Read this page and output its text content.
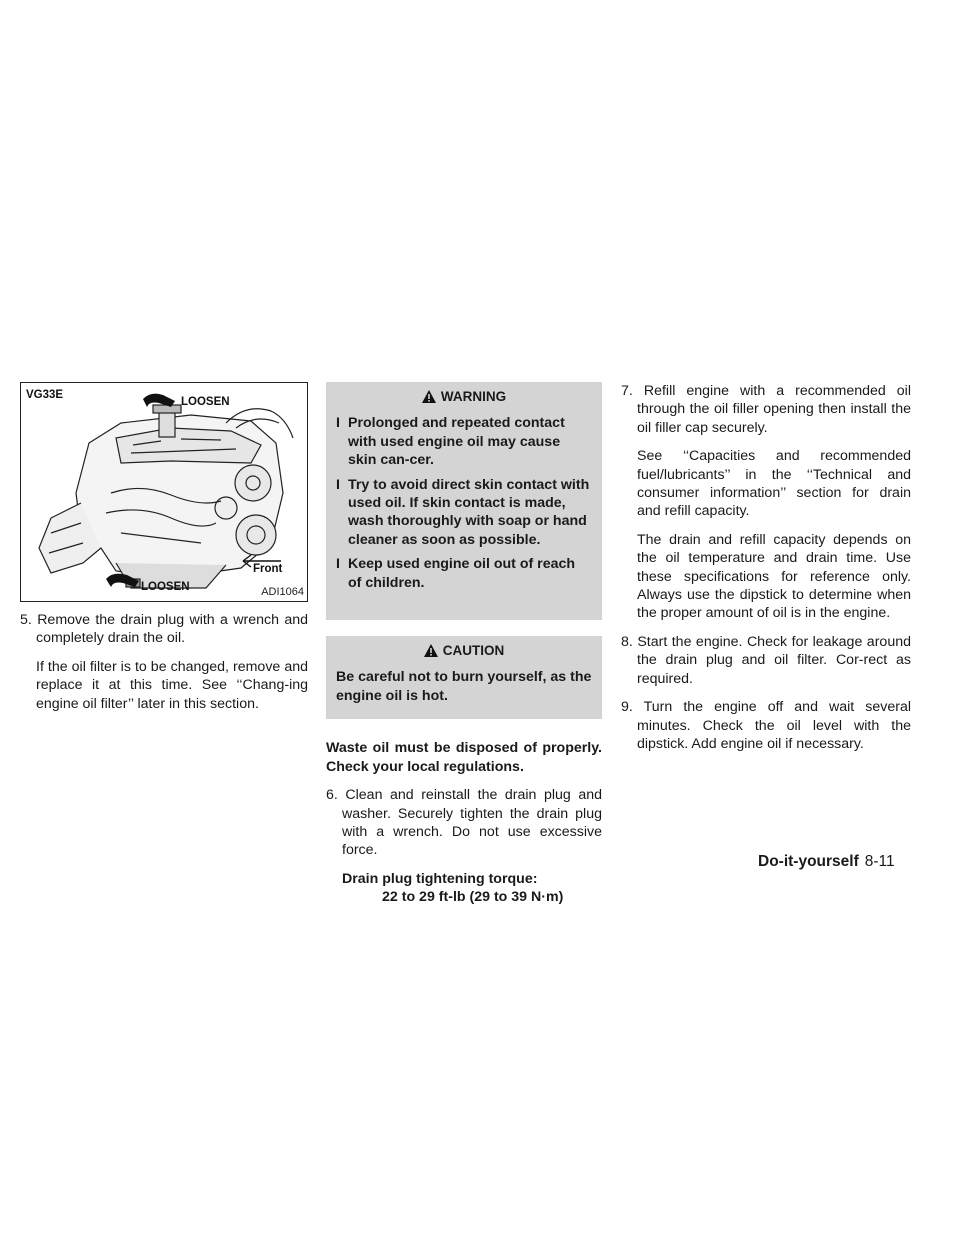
VG33E
LOOSEN
LOOSEN
Front
ADI1064

5. Remove the drain plug with a wrench and completely drain the oil.

If the oil filter is to be changed, remove and replace it at this time. See ‘‘Chang-ing engine oil filter’’ later in this section.

WARNING
I Prolonged and repeated contact with used engine oil may cause skin can-cer.
I Try to avoid direct skin contact with used oil. If skin contact is made, wash thoroughly with soap or hand cleaner as soon as possible.
I Keep used engine oil out of reach of children.
CAUTION
Be careful not to burn yourself, as the engine oil is hot.

Waste oil must be disposed of properly. Check your local regulations.

6. Clean and reinstall the drain plug and washer. Securely tighten the drain plug with a wrench. Do not use excessive force.

Drain plug tightening torque:

22 to 29 ft-lb (29 to 39 N·m)

7. Refill engine with a recommended oil through the oil filler opening then install the oil filler cap securely.

See ‘‘Capacities and recommended fuel/lubricants’’ in the ‘‘Technical and consumer information’’ section for drain and refill capacity.

The drain and refill capacity depends on the oil temperature and drain time. Use these specifications for reference only. Always use the dipstick to determine when the proper amount of oil is in the engine.

8. Start the engine. Check for leakage around the drain plug and oil filter. Cor-rect as required.

9. Turn the engine off and wait several minutes. Check the oil level with the dipstick. Add engine oil if necessary.

Do-it-yourself 8-11
